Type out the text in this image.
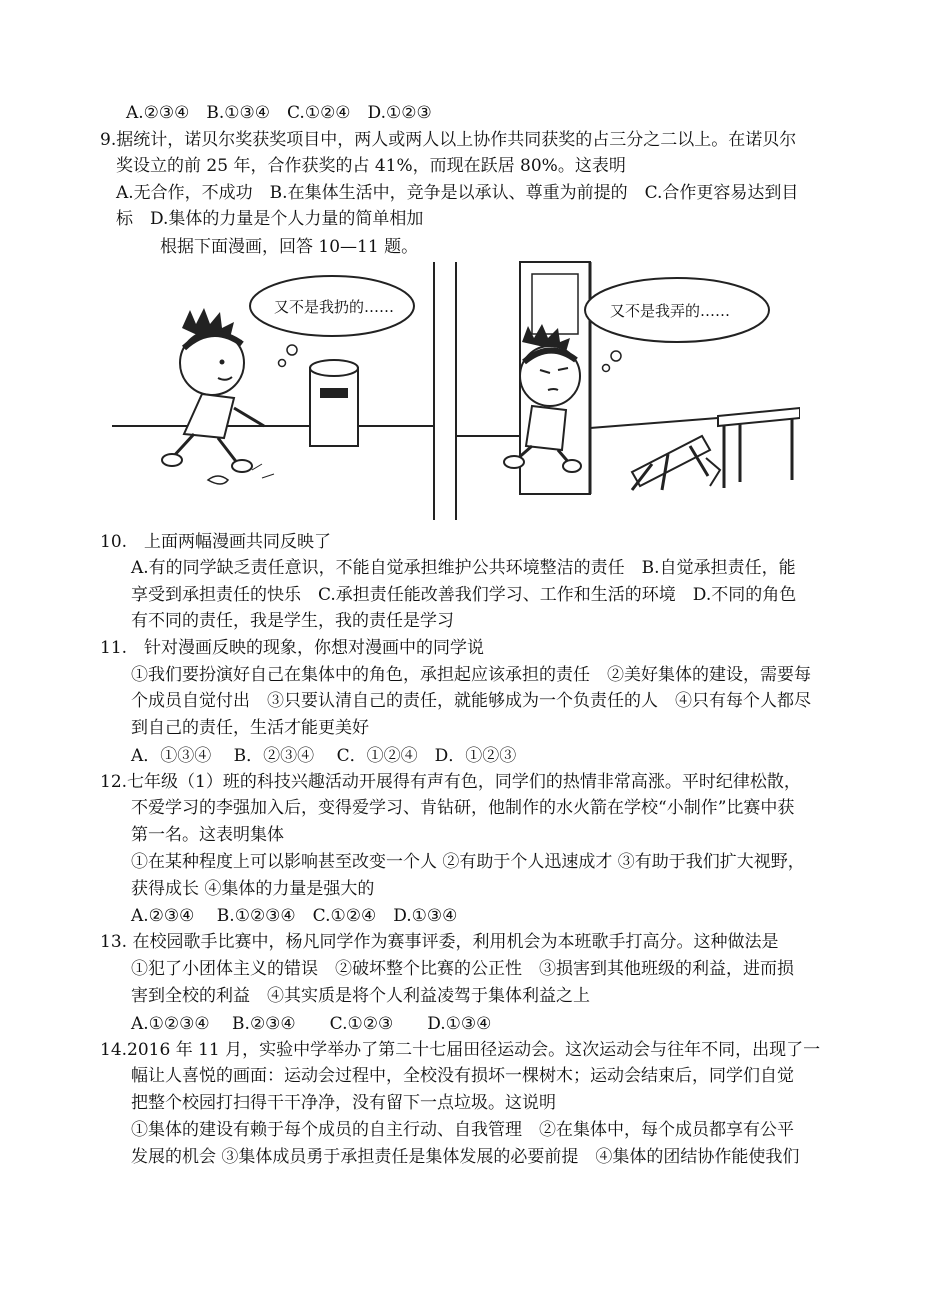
A.②③④　B.①③④　C.①②④　D.①②③
9.据统计，诺贝尔奖获奖项目中，两人或两人以上协作共同获奖的占三分之二以上。在诺贝尔
奖设立的前 25 年，合作获奖的占 41%，而现在跃居 80%。这表明
A.无合作，不成功　B.在集体生活中，竞争是以承认、尊重为前提的　C.合作更容易达到目
标　D.集体的力量是个人力量的简单相加
根据下面漫画，回答 10—11 题。
又不是我扔的……	又不是我弄的……
10.　上面两幅漫画共同反映了
A.有的同学缺乏责任意识，不能自觉承担维护公共环境整洁的责任　B.自觉承担责任，能
享受到承担责任的快乐　C.承担责任能改善我们学习、工作和生活的环境　D.不同的角色
有不同的责任，我是学生，我的责任是学习
11.　针对漫画反映的现象，你想对漫画中的同学说
①我们要扮演好自己在集体中的角色，承担起应该承担的责任　②美好集体的建设，需要每
个成员自觉付出　③只要认清自己的责任，就能够成为一个负责任的人　④只有每个人都尽
到自己的责任，生活才能更美好
A．①③④　 B．②③④　 C．①②④　D．①②③
12.七年级（1）班的科技兴趣活动开展得有声有色，同学们的热情非常高涨。平时纪律松散，
不爱学习的李强加入后，变得爱学习、肯钻研，他制作的水火箭在学校“小制作”比赛中获
第一名。这表明集体
①在某种程度上可以影响甚至改变一个人 ②有助于个人迅速成才 ③有助于我们扩大视野，
获得成长 ④集体的力量是强大的
A.②③④　 B.①②③④　C.①②④　D.①③④
13. 在校园歌手比赛中，杨凡同学作为赛事评委，利用机会为本班歌手打高分。这种做法是
①犯了小团体主义的错误　②破坏整个比赛的公正性　③损害到其他班级的利益，进而损
害到全校的利益　④其实质是将个人利益凌驾于集体利益之上
A.①②③④　 B.②③④　　C.①②③　　D.①③④
14.2016 年 11 月，实验中学举办了第二十七届田径运动会。这次运动会与往年不同，出现了一
幅让人喜悦的画面：运动会过程中，全校没有损坏一棵树木；运动会结束后，同学们自觉
把整个校园打扫得干干净净，没有留下一点垃圾。这说明
①集体的建设有赖于每个成员的自主行动、自我管理　②在集体中，每个成员都享有公平
发展的机会 ③集体成员勇于承担责任是集体发展的必要前提　④集体的团结协作能使我们
